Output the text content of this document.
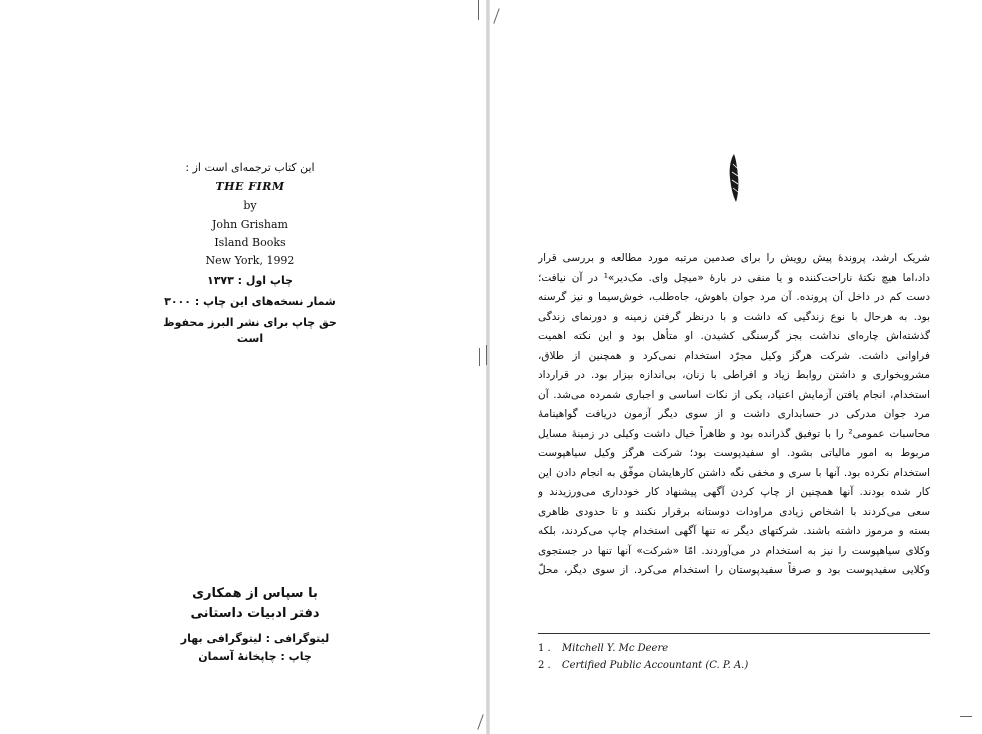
این کتاب ترجمه‌ای است از :
THE FIRM
by
John Grisham
Island Books
New York, 1992
چاپ اول : ۱۳۷۳
شمار نسخه‌های این چاپ : ۳۰۰۰
حق چاپ برای نشر البرز محفوظ است
با سپاس از همکاری
دفتر ادبیات داستانی
لیتوگرافی : لیتوگرافی بهار
چاپ : چاپخانهٔ آسمان
شریک ارشد، پروندهٔ پیش رویش را برای صدمین مرتبه مورد مطالعه و بررسی قرار
داد،اما هیچ نکتهٔ ناراحت‌کننده و یا منفی در بارهٔ «میچل وای. مک‌دیر»¹ در آن نیافت؛
دست کم در داخل آن پرونده. آن مرد جوان باهوش، جاه‌طلب، خوش‌سیما و نیز گرسنه
بود. به هرحال با نوع زندگیی که داشت و با درنظر گرفتن زمینه و دورنمای زندگی
گذشته‌اش چاره‌ای نداشت بجز گرسنگی کشیدن. او متأهل بود و این نکته اهمیت
فراوانی داشت. شرکت هرگز وکیل مجرّد استخدام نمی‌کرد و همچنین از طلاق،
مشروبخواری و داشتن روابط زیاد و افراطی با زنان، بی‌اندازه بیزار بود. در قرارداد
استخدام، انجام یافتن آزمایش اعتیاد، یکی از نکات اساسی و اجباری شمرده می‌شد. آن
مرد جوان مدرکی در حسابداری داشت و از سوی دیگر آزمون دریافت گواهینامهٔ
محاسبات عمومی² را با توفیق گذرانده بود و ظاهراً خیال داشت وکیلی در زمینهٔ مسایل
مربوط به امور مالیاتی بشود. او سفیدپوست بود؛ شرکت هرگز وکیل سیاهپوست
استخدام نکرده بود. آنها با سری و مخفی نگه داشتن کارهایشان موفّق به انجام دادن این
کار شده بودند. آنها همچنین از چاپ کردن آگهی پیشنهاد کار خودداری می‌ورزیدند و
سعی می‌کردند با اشخاص زیادی مراودات دوستانه برقرار نکنند و تا حدودی ظاهری
بسته و مرموز داشته باشند. شرکتهای دیگر نه تنها آگهی استخدام چاپ می‌کردند، بلکه
وکلای سیاهپوست را نیز به استخدام در می‌آوردند. امّا «شرکت» آنها تنها در جستجوی
وکلایی سفیدپوست بود و صرفاً سفیدپوستان را استخدام می‌کرد. از سوی دیگر، محلّ
1 . Mitchell Y. Mc Deere
2 . Certified Public Accountant (C. P. A.)
